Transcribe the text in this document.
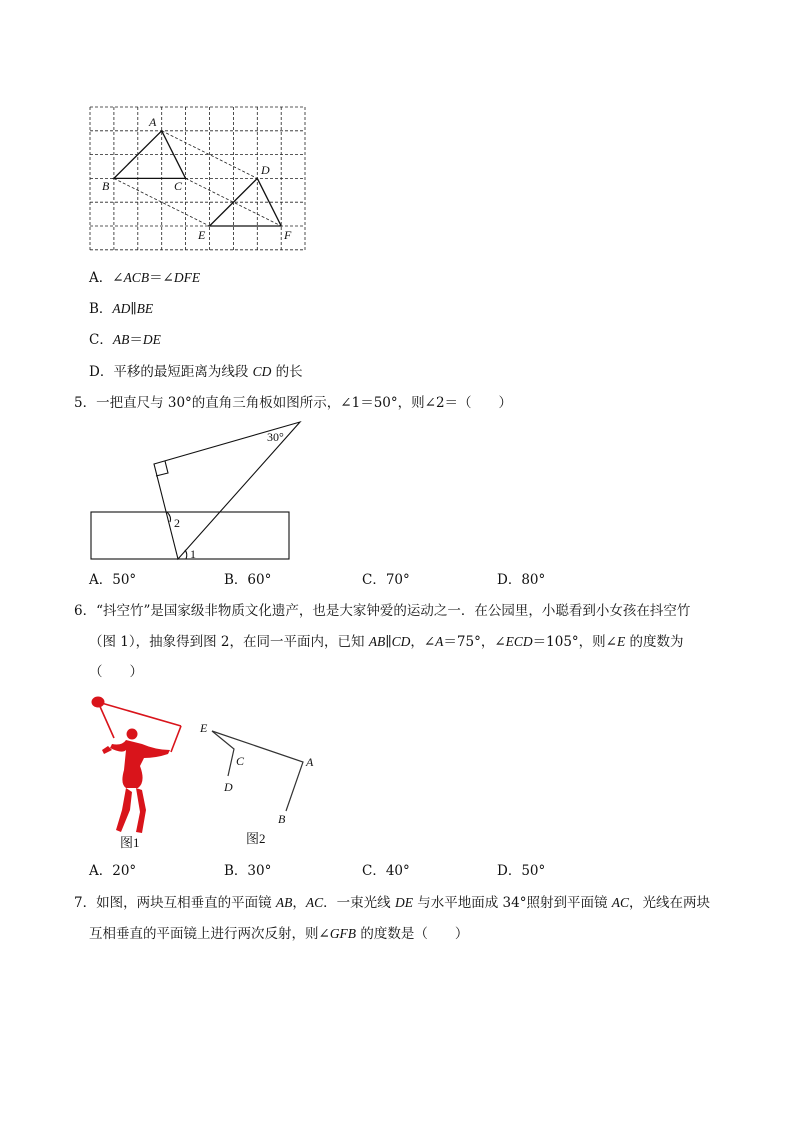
A
B	C
D
E	F
A．∠ACB＝∠DFE
B．AD∥BE
C．AB＝DE
D．平移的最短距离为线段 CD 的长
5．一把直尺与 30°的直角三角板如图所示，∠1＝50°，则∠2＝（　　）
30°
2
1
A．50°	B．60°	C．70°	D．80°
6．“抖空竹”是国家级非物质文化遗产，也是大家钟爱的运动之一．在公园里，小聪看到小女孩在抖空竹
（图 1），抽象得到图 2，在同一平面内，已知 AB∥CD，∠A＝75°，∠ECD＝105°，则∠E 的度数为
（　　）
图1
E
C
D
A
B
图2
A．20°	B．30°	C．40°	D．50°
7．如图，两块互相垂直的平面镜 AB，AC．一束光线 DE 与水平地面成 34°照射到平面镜 AC，光线在两块
互相垂直的平面镜上进行两次反射，则∠GFB 的度数是（　　）
